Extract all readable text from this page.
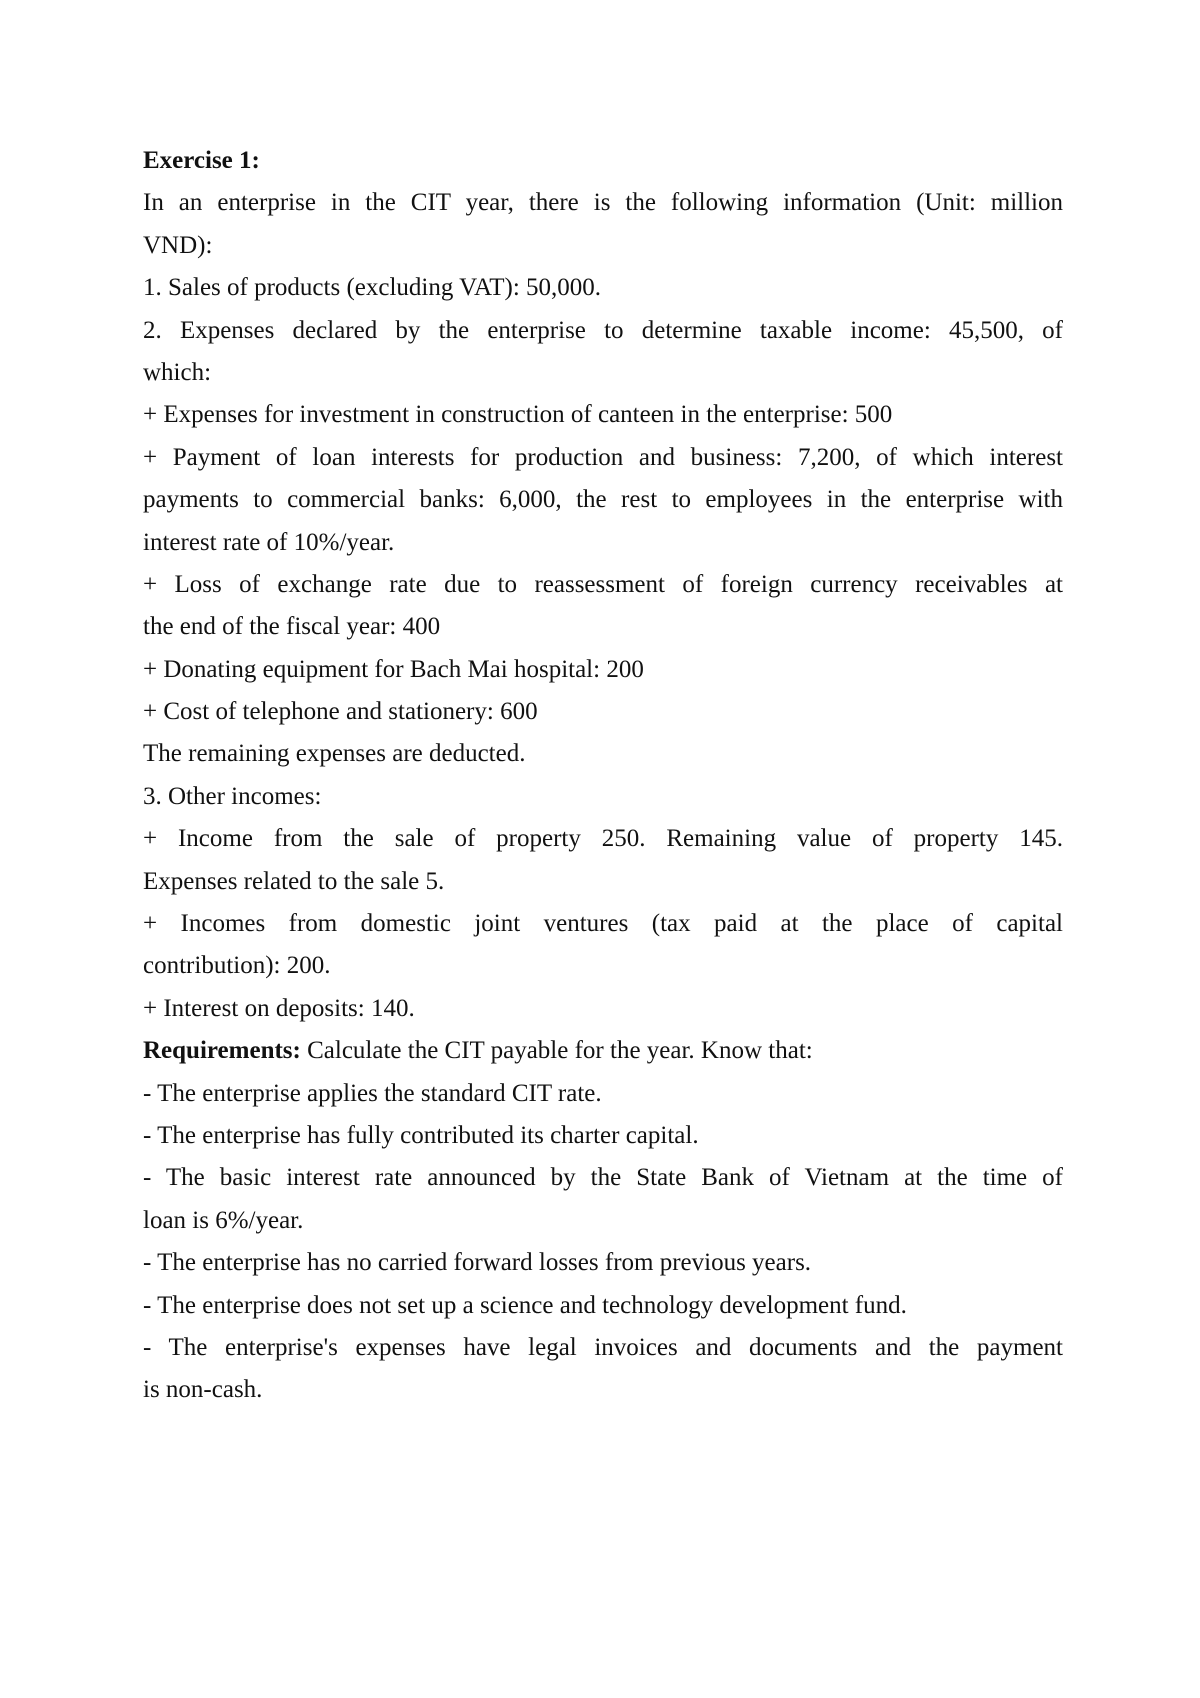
Exercise 1:
In an enterprise in the CIT year, there is the following information (Unit: million
VND):
1. Sales of products (excluding VAT): 50,000.
2. Expenses declared by the enterprise to determine taxable income: 45,500, of
which:
+ Expenses for investment in construction of canteen in the enterprise: 500
+ Payment of loan interests for production and business: 7,200, of which interest
payments to commercial banks: 6,000, the rest to employees in the enterprise with
interest rate of 10%/year.
+ Loss of exchange rate due to reassessment of foreign currency receivables at
the end of the fiscal year: 400
+ Donating equipment for Bach Mai hospital: 200
+ Cost of telephone and stationery: 600
The remaining expenses are deducted.
3. Other incomes:
+ Income from the sale of property 250. Remaining value of property 145.
Expenses related to the sale 5.
+ Incomes from domestic joint ventures (tax paid at the place of capital
contribution): 200.
+ Interest on deposits: 140.
Requirements: Calculate the CIT payable for the year. Know that:
- The enterprise applies the standard CIT rate.
- The enterprise has fully contributed its charter capital.
- The basic interest rate announced by the State Bank of Vietnam at the time of
loan is 6%/year.
- The enterprise has no carried forward losses from previous years.
- The enterprise does not set up a science and technology development fund.
- The enterprise's expenses have legal invoices and documents and the payment
is non-cash.
